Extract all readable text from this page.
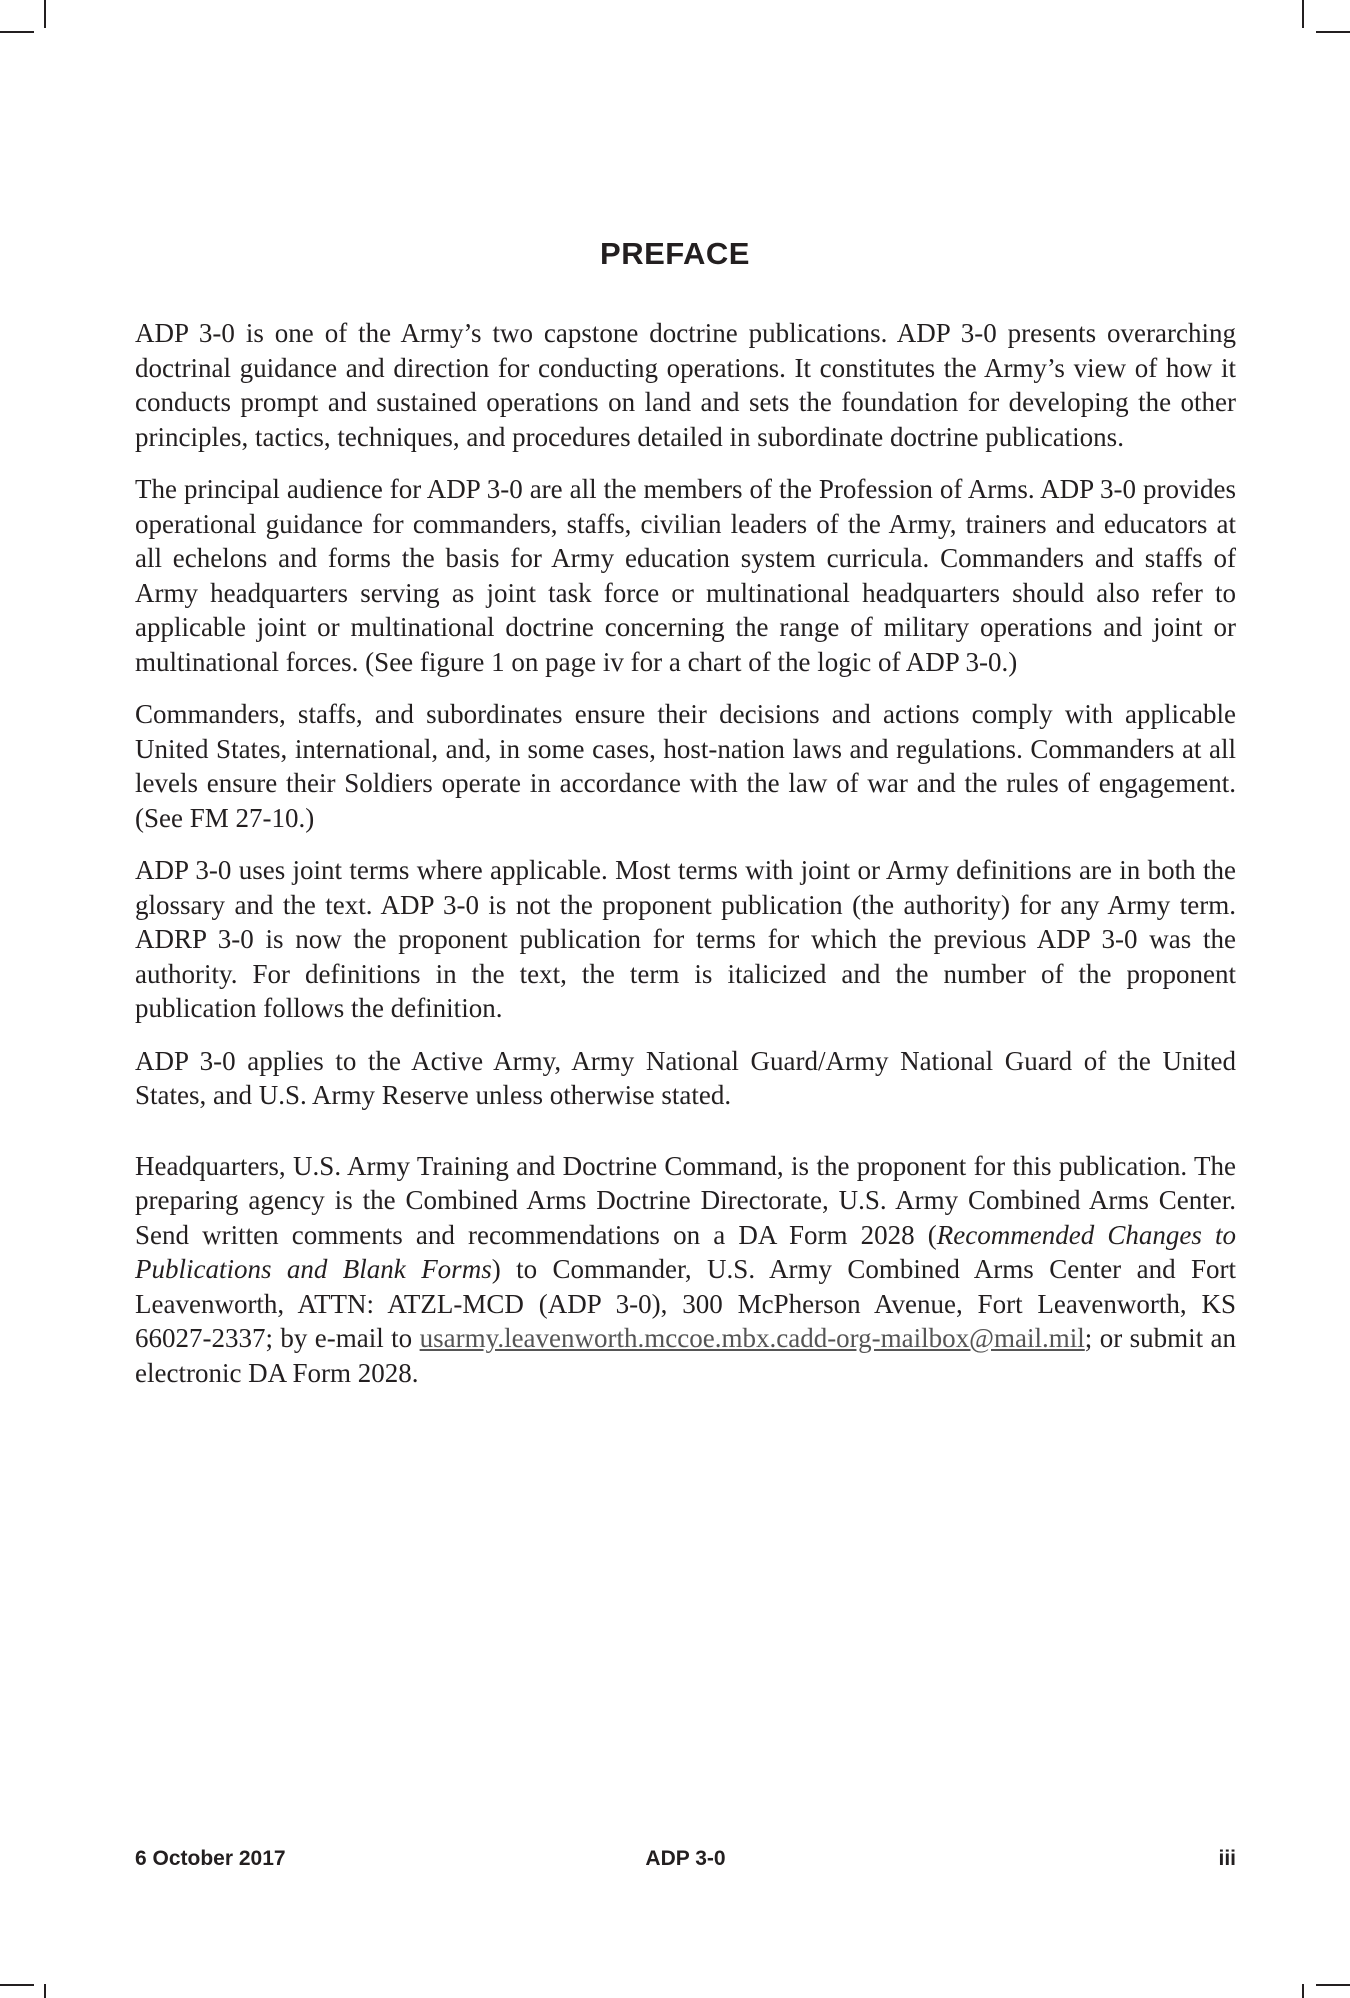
PREFACE

ADP 3-0 is one of the Army’s two capstone doctrine publications. ADP 3-0 presents overarching doctrinal guidance and direction for conducting operations. It constitutes the Army’s view of how it conducts prompt and sustained operations on land and sets the foundation for developing the other principles, tactics, techniques, and procedures detailed in subordinate doctrine publications.

The principal audience for ADP 3-0 are all the members of the Profession of Arms. ADP 3-0 provides operational guidance for commanders, staffs, civilian leaders of the Army, trainers and educators at all echelons and forms the basis for Army education system curricula. Commanders and staffs of Army headquarters serving as joint task force or multinational headquarters should also refer to applicable joint or multinational doctrine concerning the range of military operations and joint or multinational forces. (See figure 1 on page iv for a chart of the logic of ADP 3-0.)

Commanders, staffs, and subordinates ensure their decisions and actions comply with applicable United States, international, and, in some cases, host-nation laws and regulations. Commanders at all levels ensure their Soldiers operate in accordance with the law of war and the rules of engagement. (See FM 27-10.)

ADP 3-0 uses joint terms where applicable. Most terms with joint or Army definitions are in both the glossary and the text. ADP 3-0 is not the proponent publication (the authority) for any Army term. ADRP 3-0 is now the proponent publication for terms for which the previous ADP 3-0 was the authority. For definitions in the text, the term is italicized and the number of the proponent publication follows the definition.

ADP 3-0 applies to the Active Army, Army National Guard/Army National Guard of the United States, and U.S. Army Reserve unless otherwise stated.

Headquarters, U.S. Army Training and Doctrine Command, is the proponent for this publication. The preparing agency is the Combined Arms Doctrine Directorate, U.S. Army Combined Arms Center. Send written comments and recommendations on a DA Form 2028 (Recommended Changes to Publications and Blank Forms) to Commander, U.S. Army Combined Arms Center and Fort Leavenworth, ATTN: ATZL-MCD (ADP 3-0), 300 McPherson Avenue, Fort Leavenworth, KS 66027-2337; by e-mail to usarmy.leavenworth.mccoe.mbx.cadd-org-mailbox@mail.mil; or submit an electronic DA Form 2028.

ADP 3-0
6 October 2017	iii
